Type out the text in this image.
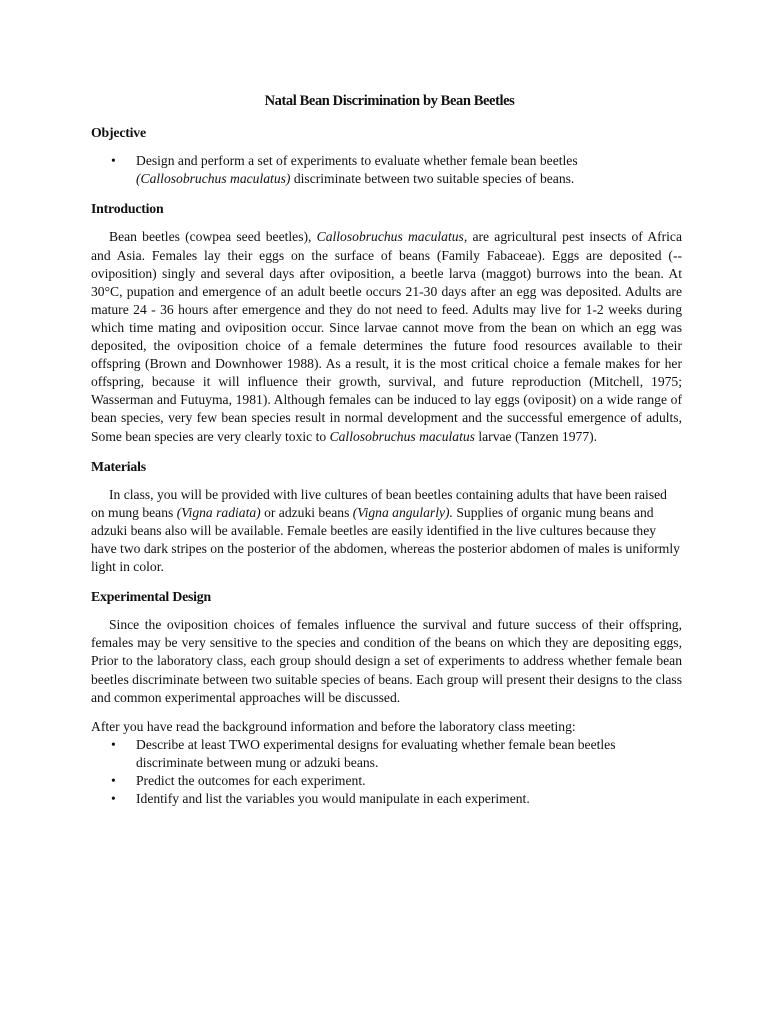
Natal Bean Discrimination by Bean Beetles
Objective
• Design and perform a set of experiments to evaluate whether female bean beetles
(Callosobruchus maculatus) discriminate between two suitable species of beans.
Introduction

Bean beetles (cowpea seed beetles), Callosobruchus maculatus, are agricultural pest insects of Africa and Asia. Females lay their eggs on the surface of beans (Family Fabaceae). Eggs are deposited (--oviposition) singly and several days after oviposition, a beetle larva (maggot) burrows into the bean. At 30°C, pupation and emergence of an adult beetle occurs 21-30 days after an egg was deposited. Adults are mature 24 - 36 hours after emergence and they do not need to feed. Adults may live for 1-2 weeks during which time mating and oviposition occur. Since larvae cannot move from the bean on which an egg was deposited, the oviposition choice of a female determines the future food resources available to their offspring (Brown and Downhower 1988). As a result, it is the most critical choice a female makes for her offspring, because it will influence their growth, survival, and future reproduction (Mitchell, 1975; Wasserman and Futuyma, 1981). Although females can be induced to lay eggs (oviposit) on a wide range of bean species, very few bean species result in normal development and the successful emergence of adults, Some bean species are very clearly toxic to Callosobruchus maculatus larvae (Tanzen 1977).

Materials

In class, you will be provided with live cultures of bean beetles containing adults that have been raised on mung beans (Vigna radiata) or adzuki beans (Vigna angularly). Supplies of organic mung beans and adzuki beans also will be available. Female beetles are easily identified in the live cultures because they have two dark stripes on the posterior of the abdomen, whereas the posterior abdomen of males is uniformly light in color.

Experimental Design

Since the oviposition choices of females influence the survival and future success of their offspring, females may be very sensitive to the species and condition of the beans on which they are depositing eggs, Prior to the laboratory class, each group should design a set of experiments to address whether female bean beetles discriminate between two suitable species of beans. Each group will present their designs to the class and common experimental approaches will be discussed.

After you have read the background information and before the laboratory class meeting:

• Describe at least TWO experimental designs for evaluating whether female bean beetles discriminate between mung or adzuki beans.
• Predict the outcomes for each experiment.
• Identify and list the variables you would manipulate in each experiment.
